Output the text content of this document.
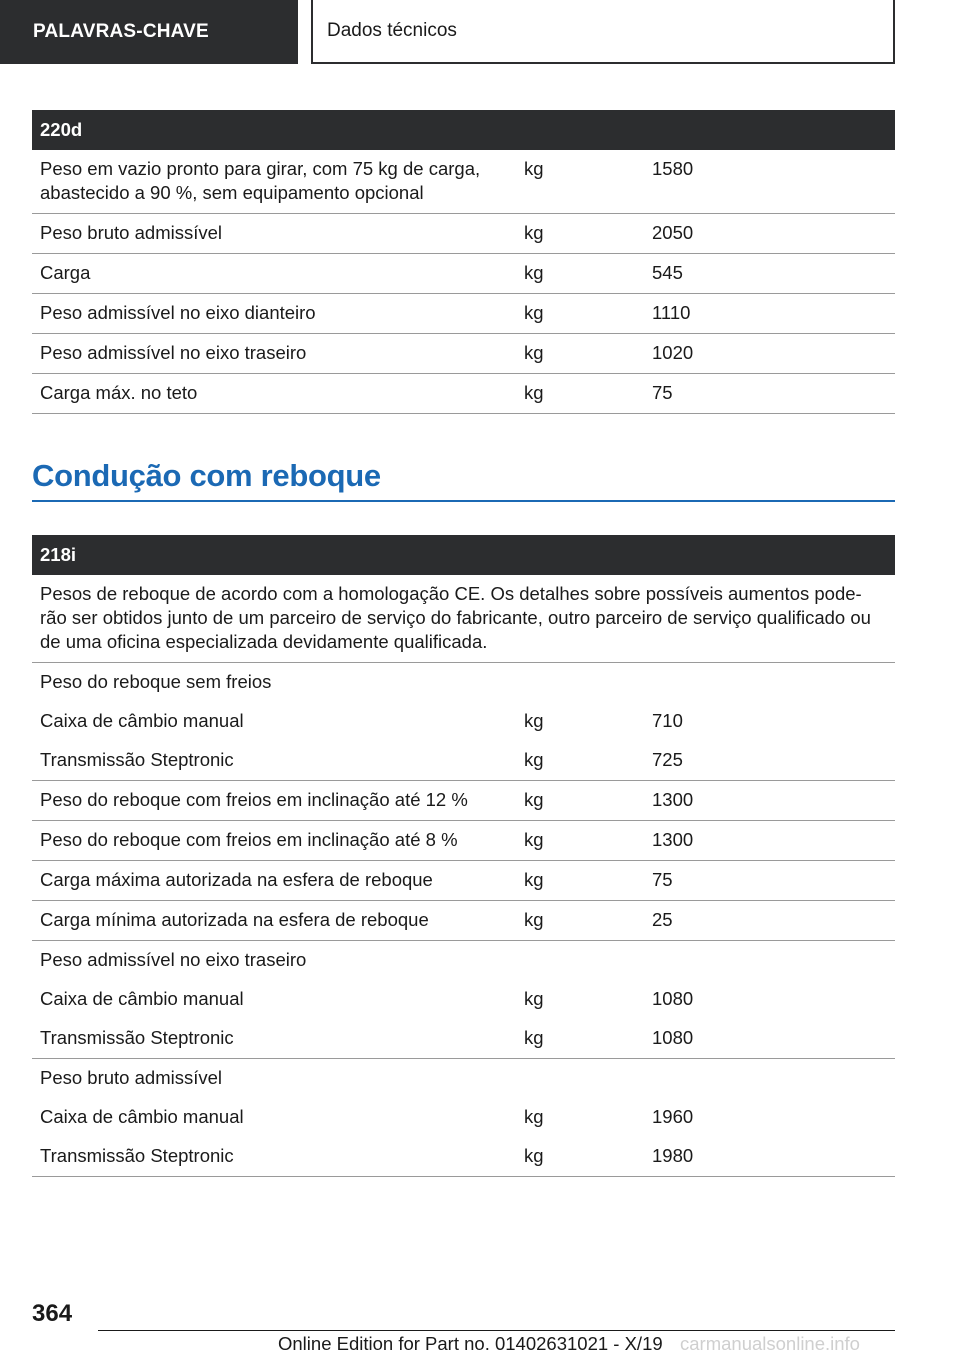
PALAVRAS-CHAVE	Dados técnicos
220d		
Peso em vazio pronto para girar, com 75 kg de carga, abastecido a 90 %, sem equipamento opcional	kg	1580
Peso bruto admissível	kg	2050
Carga	kg	545
Peso admissível no eixo dianteiro	kg	1110
Peso admissível no eixo traseiro	kg	1020
Carga máx. no teto	kg	75
Condução com reboque
218i		
Pesos de reboque de acordo com a homologação CE. Os detalhes sobre possíveis aumentos pode-rão ser obtidos junto de um parceiro de serviço do fabricante, outro parceiro de serviço qualificado ou de uma oficina especializada devidamente qualificada.		
Peso do reboque sem freios		
Caixa de câmbio manual	kg	710
Transmissão Steptronic	kg	725
Peso do reboque com freios em inclinação até 12 %	kg	1300
Peso do reboque com freios em inclinação até 8 %	kg	1300
Carga máxima autorizada na esfera de reboque	kg	75
Carga mínima autorizada na esfera de reboque	kg	25
Peso admissível no eixo traseiro		
Caixa de câmbio manual	kg	1080
Transmissão Steptronic	kg	1080
Peso bruto admissível		
Caixa de câmbio manual	kg	1960
Transmissão Steptronic	kg	1980
364
Online Edition for Part no. 01402631021 - X/19 carmanualsonline.info
